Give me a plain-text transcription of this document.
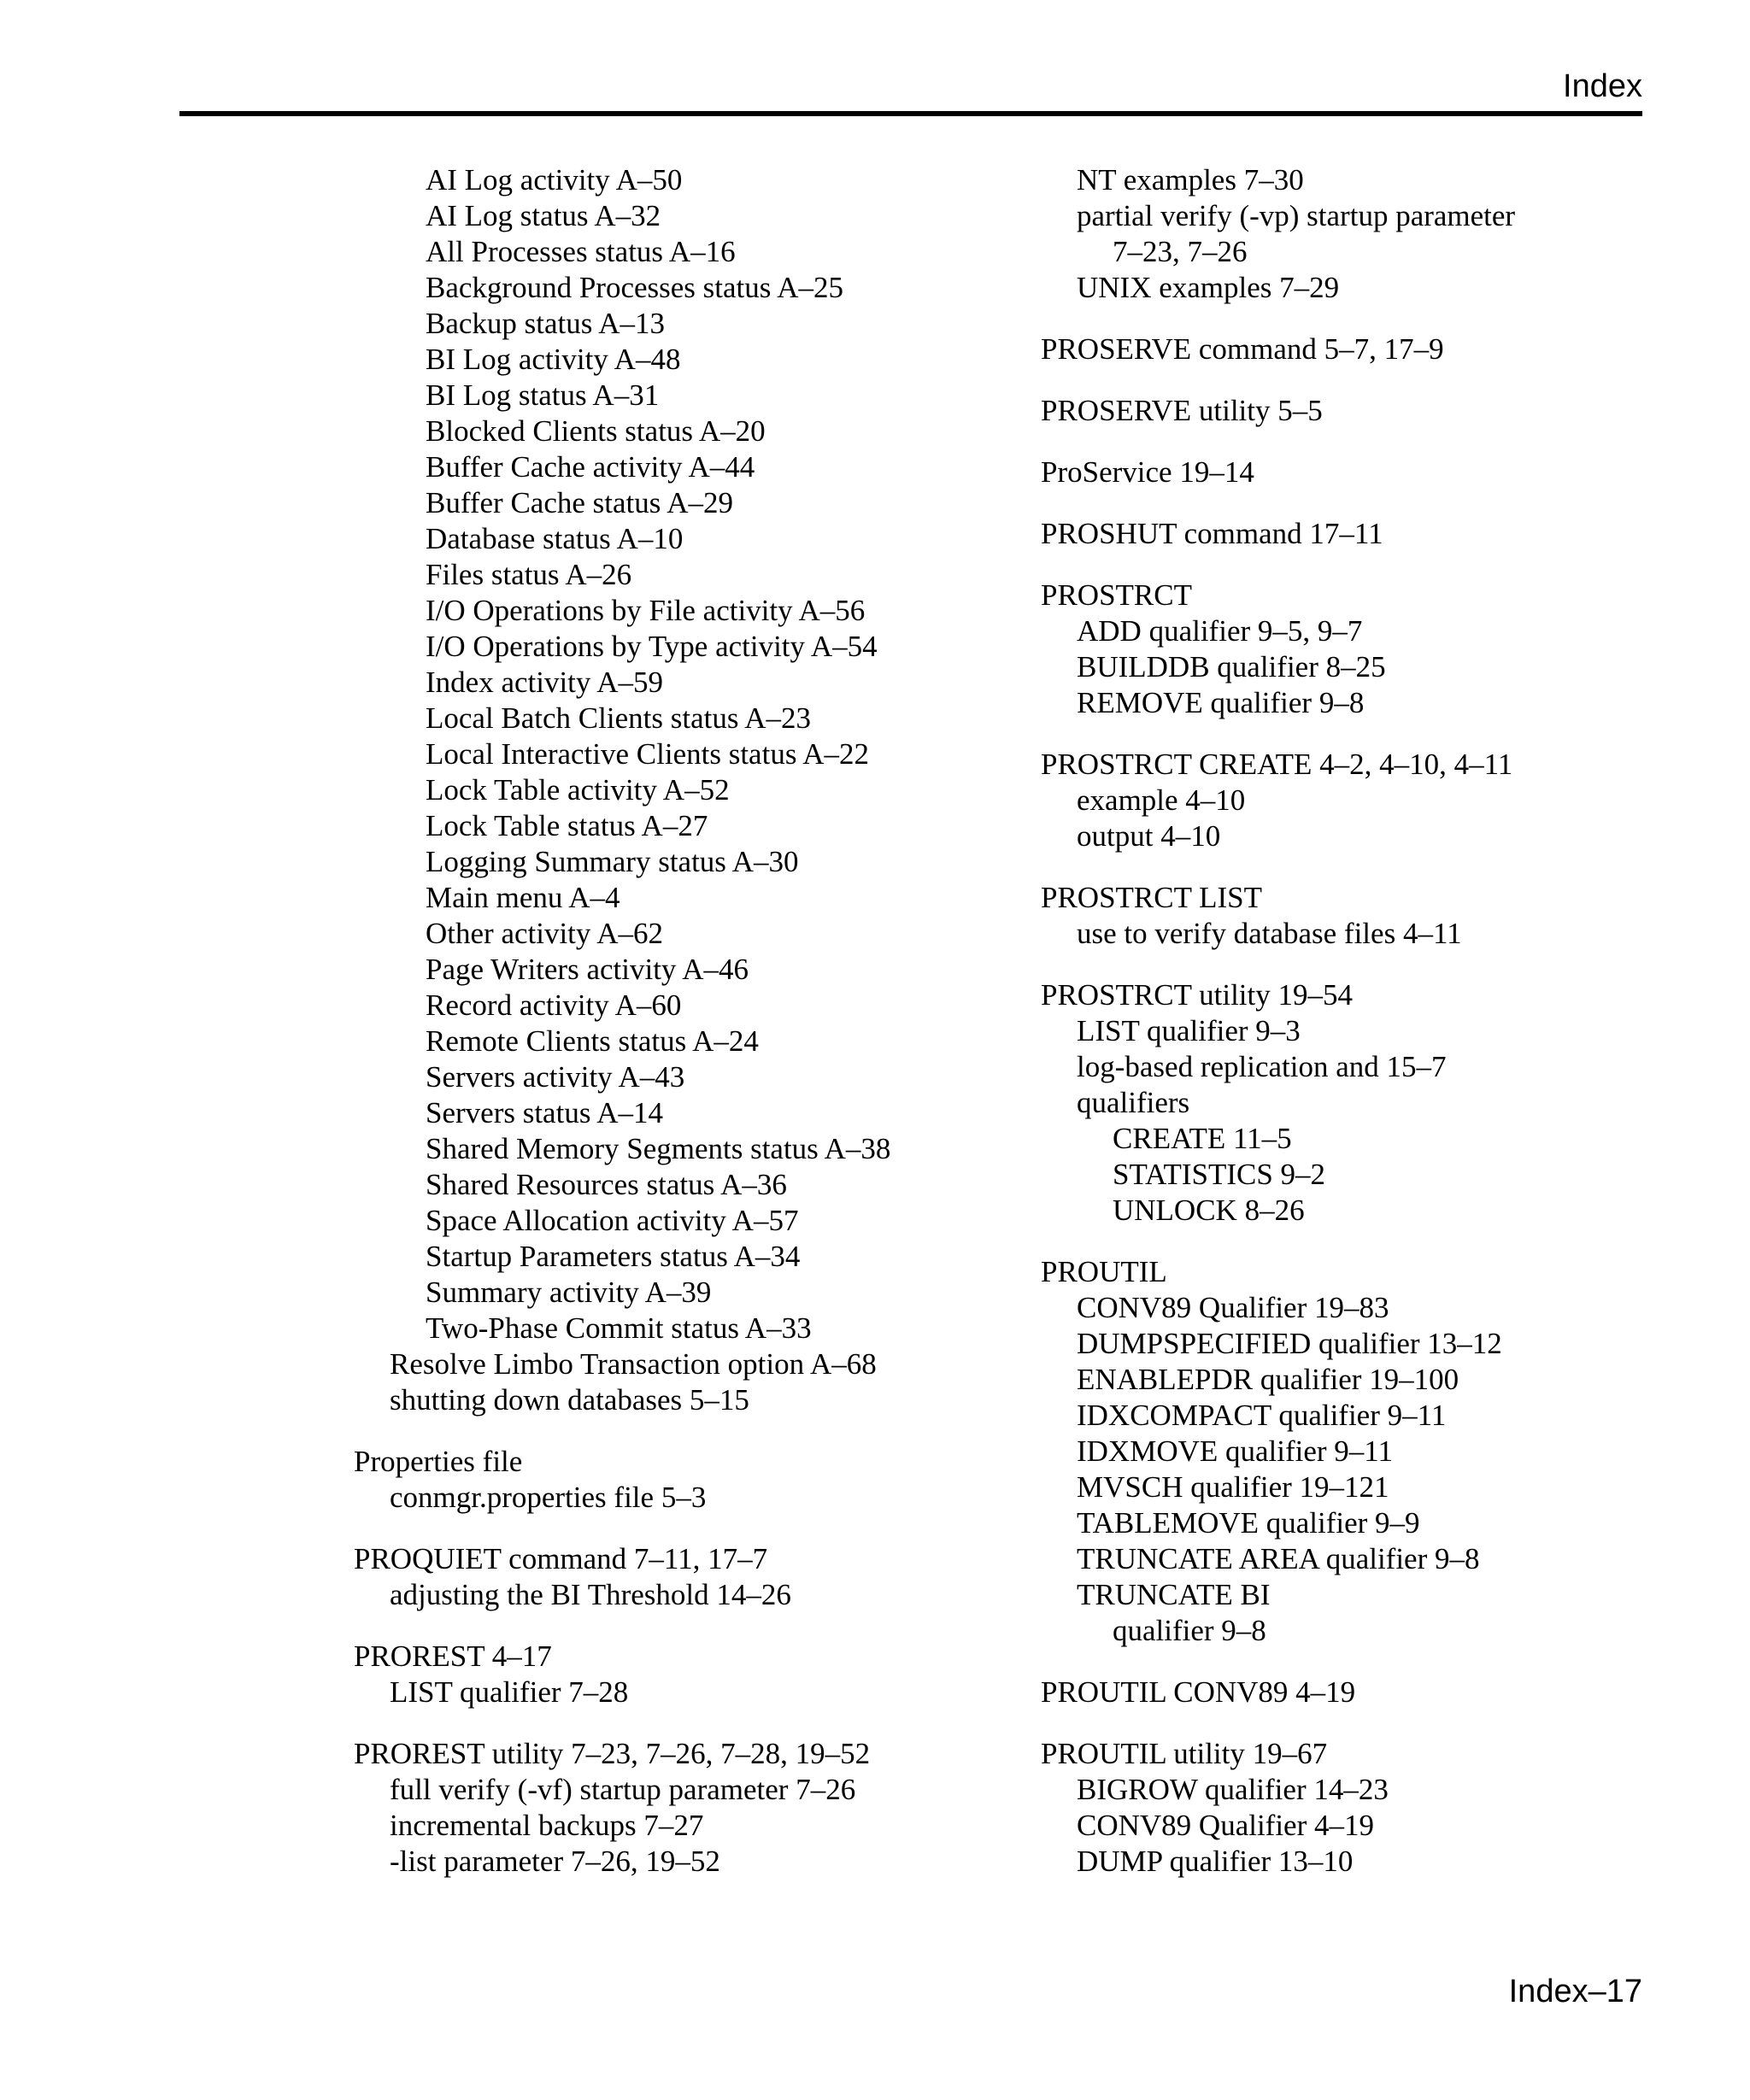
Index
AI Log activity A–50
AI Log status A–32
All Processes status A–16
Background Processes status A–25
Backup status A–13
BI Log activity A–48
BI Log status A–31
Blocked Clients status A–20
Buffer Cache activity A–44
Buffer Cache status A–29
Database status A–10
Files status A–26
I/O Operations by File activity A–56
I/O Operations by Type activity A–54
Index activity A–59
Local Batch Clients status A–23
Local Interactive Clients status A–22
Lock Table activity A–52
Lock Table status A–27
Logging Summary status A–30
Main menu A–4
Other activity A–62
Page Writers activity A–46
Record activity A–60
Remote Clients status A–24
Servers activity A–43
Servers status A–14
Shared Memory Segments status A–38
Shared Resources status A–36
Space Allocation activity A–57
Startup Parameters status A–34
Summary activity A–39
Two-Phase Commit status A–33
Resolve Limbo Transaction option A–68
shutting down databases 5–15
Properties file
conmgr.properties file 5–3
PROQUIET command 7–11, 17–7
adjusting the BI Threshold 14–26
PROREST 4–17
LIST qualifier 7–28
PROREST utility 7–23, 7–26, 7–28, 19–52
full verify (-vf) startup parameter 7–26
incremental backups 7–27
-list parameter 7–26, 19–52
NT examples 7–30
partial verify (-vp) startup parameter
7–23, 7–26
UNIX examples 7–29
PROSERVE command 5–7, 17–9
PROSERVE utility 5–5
ProService 19–14
PROSHUT command 17–11
PROSTRCT
ADD qualifier 9–5, 9–7
BUILDDB qualifier 8–25
REMOVE qualifier 9–8
PROSTRCT CREATE 4–2, 4–10, 4–11
example 4–10
output 4–10
PROSTRCT LIST
use to verify database files 4–11
PROSTRCT utility 19–54
LIST qualifier 9–3
log-based replication and 15–7
qualifiers
CREATE 11–5
STATISTICS 9–2
UNLOCK 8–26
PROUTIL
CONV89 Qualifier 19–83
DUMPSPECIFIED qualifier 13–12
ENABLEPDR qualifier 19–100
IDXCOMPACT qualifier 9–11
IDXMOVE qualifier 9–11
MVSCH qualifier 19–121
TABLEMOVE qualifier 9–9
TRUNCATE AREA qualifier 9–8
TRUNCATE BI
qualifier 9–8
PROUTIL CONV89 4–19
PROUTIL utility 19–67
BIGROW qualifier 14–23
CONV89 Qualifier 4–19
DUMP qualifier 13–10
Index–17
